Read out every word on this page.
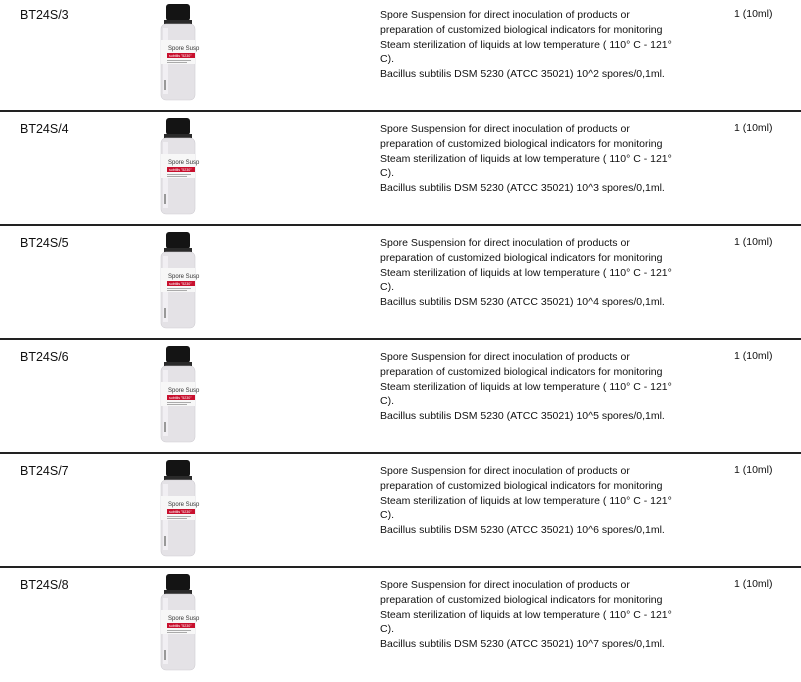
BT24S/3
Spore Susp
subtilis "5230"

Spore Suspension for direct inoculation of products or preparation of customized biological indicators for monitoring Steam sterilization of liquids at low temperature ( 110° C - 121° C).

Bacillus subtilis DSM 5230 (ATCC 35021) 10^2 spores/0,1ml.

1 (10ml)
BT24S/4
Spore Susp
subtilis "5230"

Spore Suspension for direct inoculation of products or preparation of customized biological indicators for monitoring Steam sterilization of liquids at low temperature ( 110° C - 121° C).

Bacillus subtilis DSM 5230 (ATCC 35021) 10^3 spores/0,1ml.

1 (10ml)
BT24S/5
Spore Susp
subtilis "5230"

Spore Suspension for direct inoculation of products or preparation of customized biological indicators for monitoring Steam sterilization of liquids at low temperature ( 110° C - 121° C).

Bacillus subtilis DSM 5230 (ATCC 35021) 10^4 spores/0,1ml.

1 (10ml)
BT24S/6
Spore Susp
subtilis "5230"

Spore Suspension for direct inoculation of products or preparation of customized biological indicators for monitoring Steam sterilization of liquids at low temperature ( 110° C - 121° C).

Bacillus subtilis DSM 5230 (ATCC 35021) 10^5 spores/0,1ml.

1 (10ml)
BT24S/7
Spore Susp
subtilis "5230"

Spore Suspension for direct inoculation of products or preparation of customized biological indicators for monitoring Steam sterilization of liquids at low temperature ( 110° C - 121° C).

Bacillus subtilis DSM 5230 (ATCC 35021) 10^6 spores/0,1ml.

1 (10ml)
BT24S/8
Spore Susp
subtilis "5230"

Spore Suspension for direct inoculation of products or preparation of customized biological indicators for monitoring Steam sterilization of liquids at low temperature ( 110° C - 121° C).

Bacillus subtilis DSM 5230 (ATCC 35021) 10^7 spores/0,1ml.

1 (10ml)
